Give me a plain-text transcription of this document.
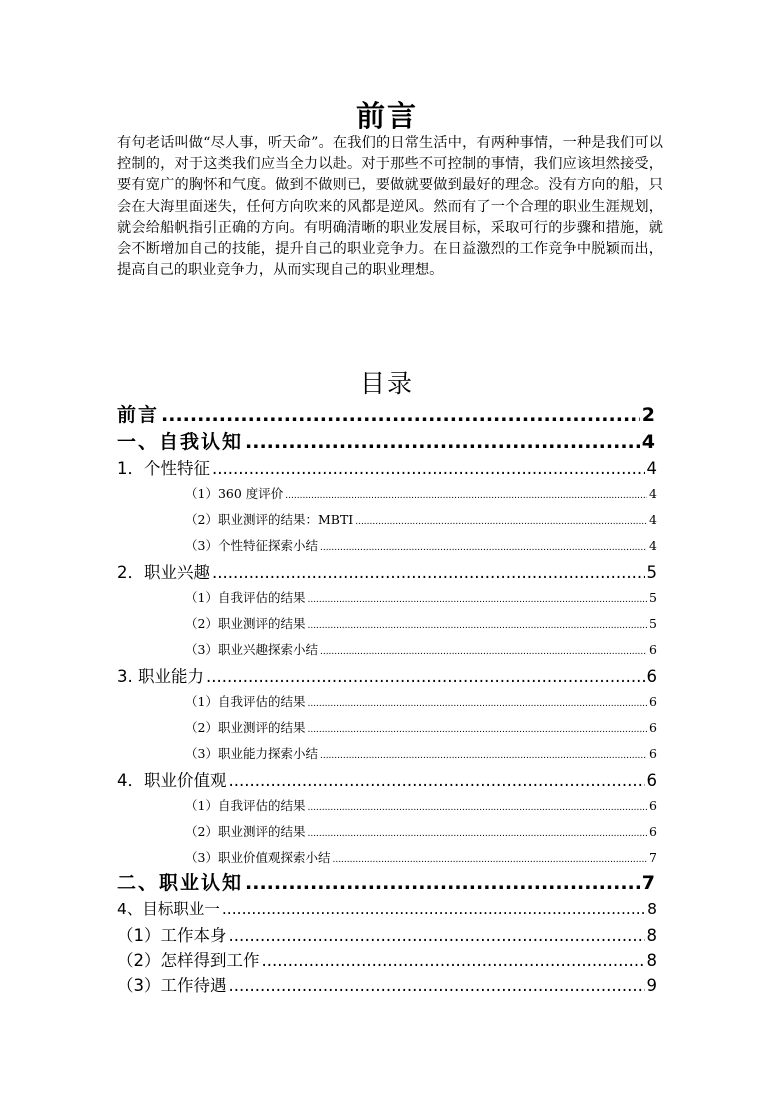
前言

有句老话叫做“尽人事，听天命”。在我们的日常生活中，有两种事情，一种是我们可以控制的，对于这类我们应当全力以赴。对于那些不可控制的事情，我们应该坦然接受，要有宽广的胸怀和气度。做到不做则已，要做就要做到最好的理念。没有方向的船，只会在大海里面迷失，任何方向吹来的风都是逆风。然而有了一个合理的职业生涯规划，就会给船帆指引正确的方向。有明确清晰的职业发展目标，采取可行的步骤和措施，就会不断增加自己的技能，提升自己的职业竞争力。在日益激烈的工作竞争中脱颖而出，提高自己的职业竞争力，从而实现自己的职业理想。

目录
前言 .....	2
一、自我认知 .....	4
1．个性特征 .....	4
（1）360 度评价 .....	4
（2）职业测评的结果：MBTI .....	4
（3）个性特征探索小结 .....	4
2．职业兴趣 .....	5
（1）自我评估的结果 .....	5
（2）职业测评的结果 .....	5
（3）职业兴趣探索小结 .....	6
3. 职业能力 .....	6
（1）自我评估的结果 .....	6
（2）职业测评的结果 .....	6
（3）职业能力探索小结 .....	6
4．职业价值观 .....	6
（1）自我评估的结果 .....	6
（2）职业测评的结果 .....	6
（3）职业价值观探索小结 .....	7
二、职业认知 .....	7
4、目标职业一 .....	8
（1）工作本身 .....	8
（2）怎样得到工作 .....	8
（3）工作待遇 .....	9
